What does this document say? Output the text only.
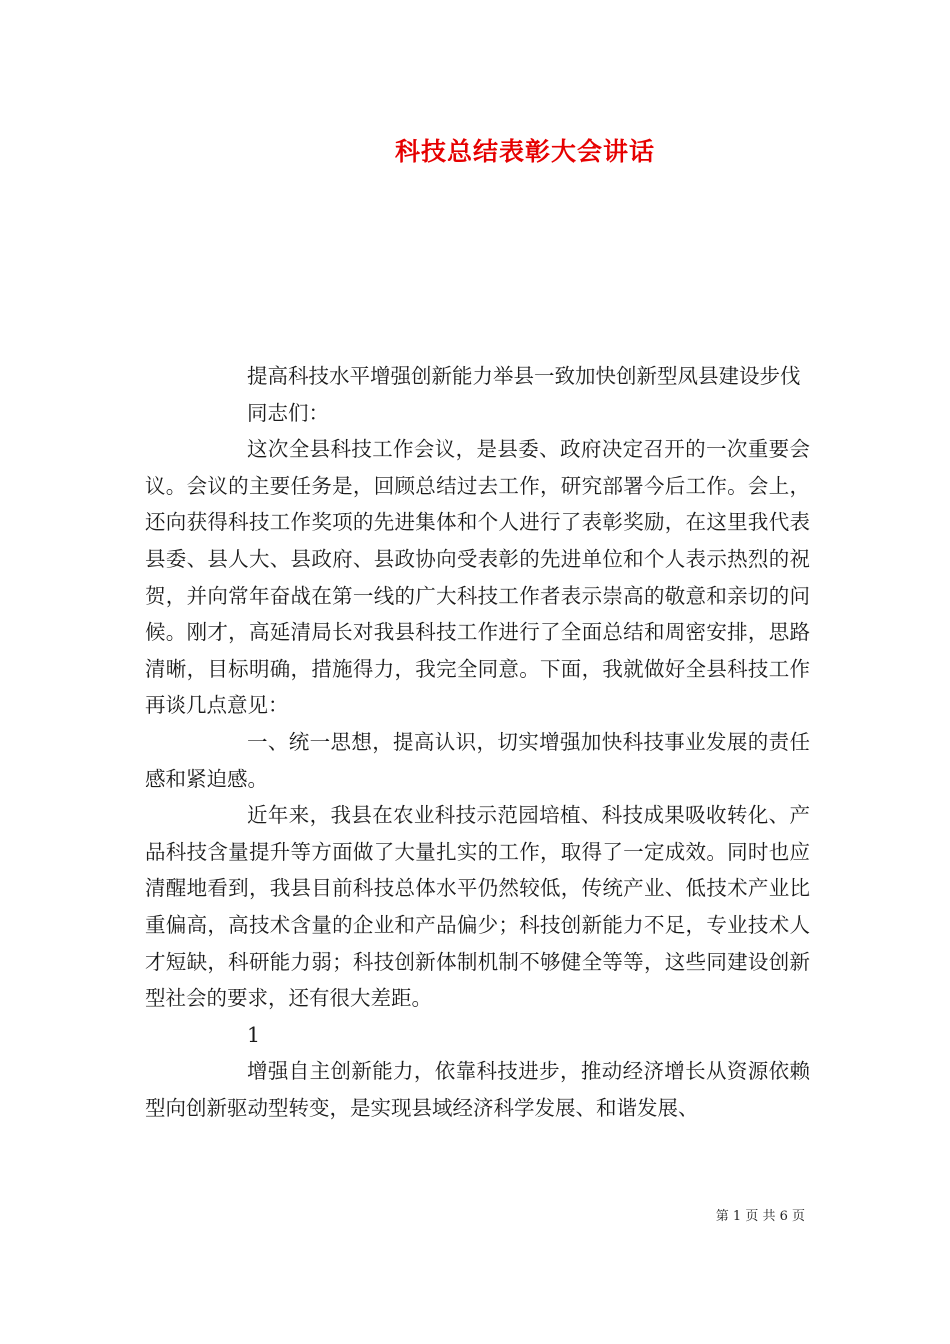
科技总结表彰大会讲话

提高科技水平增强创新能力举县一致加快创新型凤县建设步伐

同志们：

这次全县科技工作会议，是县委、政府决定召开的一次重要会议。会议的主要任务是，回顾总结过去工作，研究部署今后工作。会上，还向获得科技工作奖项的先进集体和个人进行了表彰奖励，在这里我代表县委、县人大、县政府、县政协向受表彰的先进单位和个人表示热烈的祝贺，并向常年奋战在第一线的广大科技工作者表示崇高的敬意和亲切的问候。刚才，高延清局长对我县科技工作进行了全面总结和周密安排，思路清晰，目标明确，措施得力，我完全同意。下面，我就做好全县科技工作再谈几点意见：

一、统一思想，提高认识，切实增强加快科技事业发展的责任感和紧迫感。

近年来，我县在农业科技示范园培植、科技成果吸收转化、产品科技含量提升等方面做了大量扎实的工作，取得了一定成效。同时也应清醒地看到，我县目前科技总体水平仍然较低，传统产业、低技术产业比重偏高，高技术含量的企业和产品偏少；科技创新能力不足，专业技术人才短缺，科研能力弱；科技创新体制机制不够健全等等，这些同建设创新型社会的要求，还有很大差距。

1

增强自主创新能力，依靠科技进步，推动经济增长从资源依赖型向创新驱动型转变，是实现县域经济科学发展、和谐发展、

第 1 页 共 6 页
